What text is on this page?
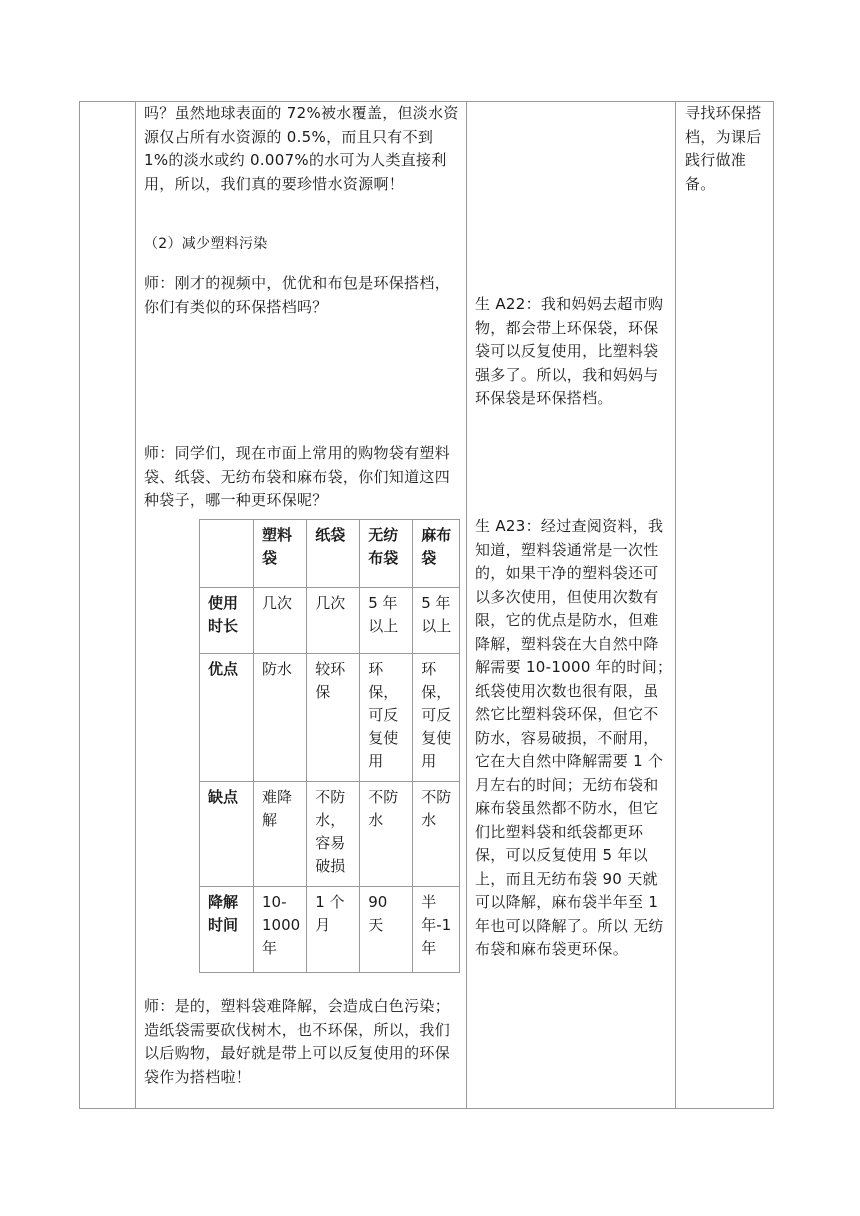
吗？虽然地球表面的 72%被水覆盖，但淡水资源仅占所有水资源的 0.5%，而且只有不到 1%的淡水或约 0.007%的水可为人类直接利用，所以，我们真的要珍惜水资源啊！

（2）减少塑料污染

师：刚才的视频中，优优和布包是环保搭档，你们有类似的环保搭档吗？

师：同学们，现在市面上常用的购物袋有塑料袋、纸袋、无纺布袋和麻布袋，你们知道这四种袋子，哪一种更环保呢？

	塑料袋	纸袋	无纺布袋	麻布袋
使用时长	几次	几次	5 年以上	5 年以上
优点	防水	较环保	环保，可反复使用	环保，可反复使用
缺点	难降解	不防水，容易破损	不防水	不防水
降解时间	10-1000 年	1 个月	90 天	半年-1 年

师：是的，塑料袋难降解，会造成白色污染；造纸袋需要砍伐树木，也不环保，所以，我们以后购物，最好就是带上可以反复使用的环保袋作为搭档啦！

生 A22：我和妈妈去超市购物，都会带上环保袋，环保袋可以反复使用，比塑料袋强多了。所以，我和妈妈与环保袋是环保搭档。

生 A23：经过查阅资料，我知道，塑料袋通常是一次性的，如果干净的塑料袋还可以多次使用，但使用次数有限，它的优点是防水，但难降解，塑料袋在大自然中降解需要 10-1000 年的时间；纸袋使用次数也很有限，虽然它比塑料袋环保，但它不防水，容易破损，不耐用，它在大自然中降解需要 1 个月左右的时间；无纺布袋和麻布袋虽然都不防水，但它们比塑料袋和纸袋都更环保，可以反复使用 5 年以上，而且无纺布袋 90 天就可以降解，麻布袋半年至 1 年也可以降解了。所以 无纺布袋和麻布袋更环保。

寻找环保搭档，为课后践行做准备。
